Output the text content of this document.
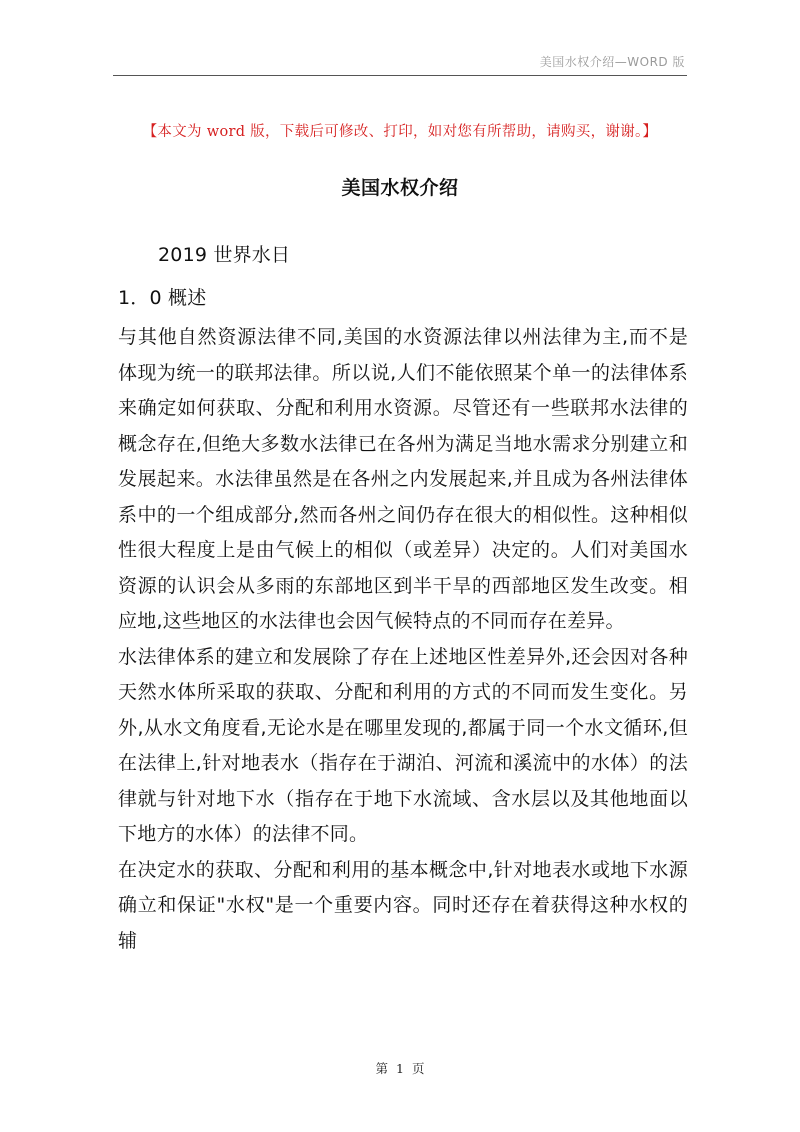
美国水权介绍—WORD 版
【本文为 word 版，下载后可修改、打印，如对您有所帮助，请购买，谢谢。】
美国水权介绍
2019 世界水日
1．0 概述

与其他自然资源法律不同,美国的水资源法律以州法律为主,而不是体现为统一的联邦法律。所以说,人们不能依照某个单一的法律体系来确定如何获取、分配和利用水资源。尽管还有一些联邦水法律的概念存在,但绝大多数水法律已在各州为满足当地水需求分别建立和发展起来。水法律虽然是在各州之内发展起来,并且成为各州法律体系中的一个组成部分,然而各州之间仍存在很大的相似性。这种相似性很大程度上是由气候上的相似（或差异）决定的。人们对美国水资源的认识会从多雨的东部地区到半干旱的西部地区发生改变。相应地,这些地区的水法律也会因气候特点的不同而存在差异。

水法律体系的建立和发展除了存在上述地区性差异外,还会因对各种天然水体所采取的获取、分配和利用的方式的不同而发生变化。另外,从水文角度看,无论水是在哪里发现的,都属于同一个水文循环,但在法律上,针对地表水（指存在于湖泊、河流和溪流中的水体）的法律就与针对地下水（指存在于地下水流域、含水层以及其他地面以下地方的水体）的法律不同。

在决定水的获取、分配和利用的基本概念中,针对地表水或地下水源确立和保证"水权"是一个重要内容。同时还存在着获得这种水权的辅

第 1 页
